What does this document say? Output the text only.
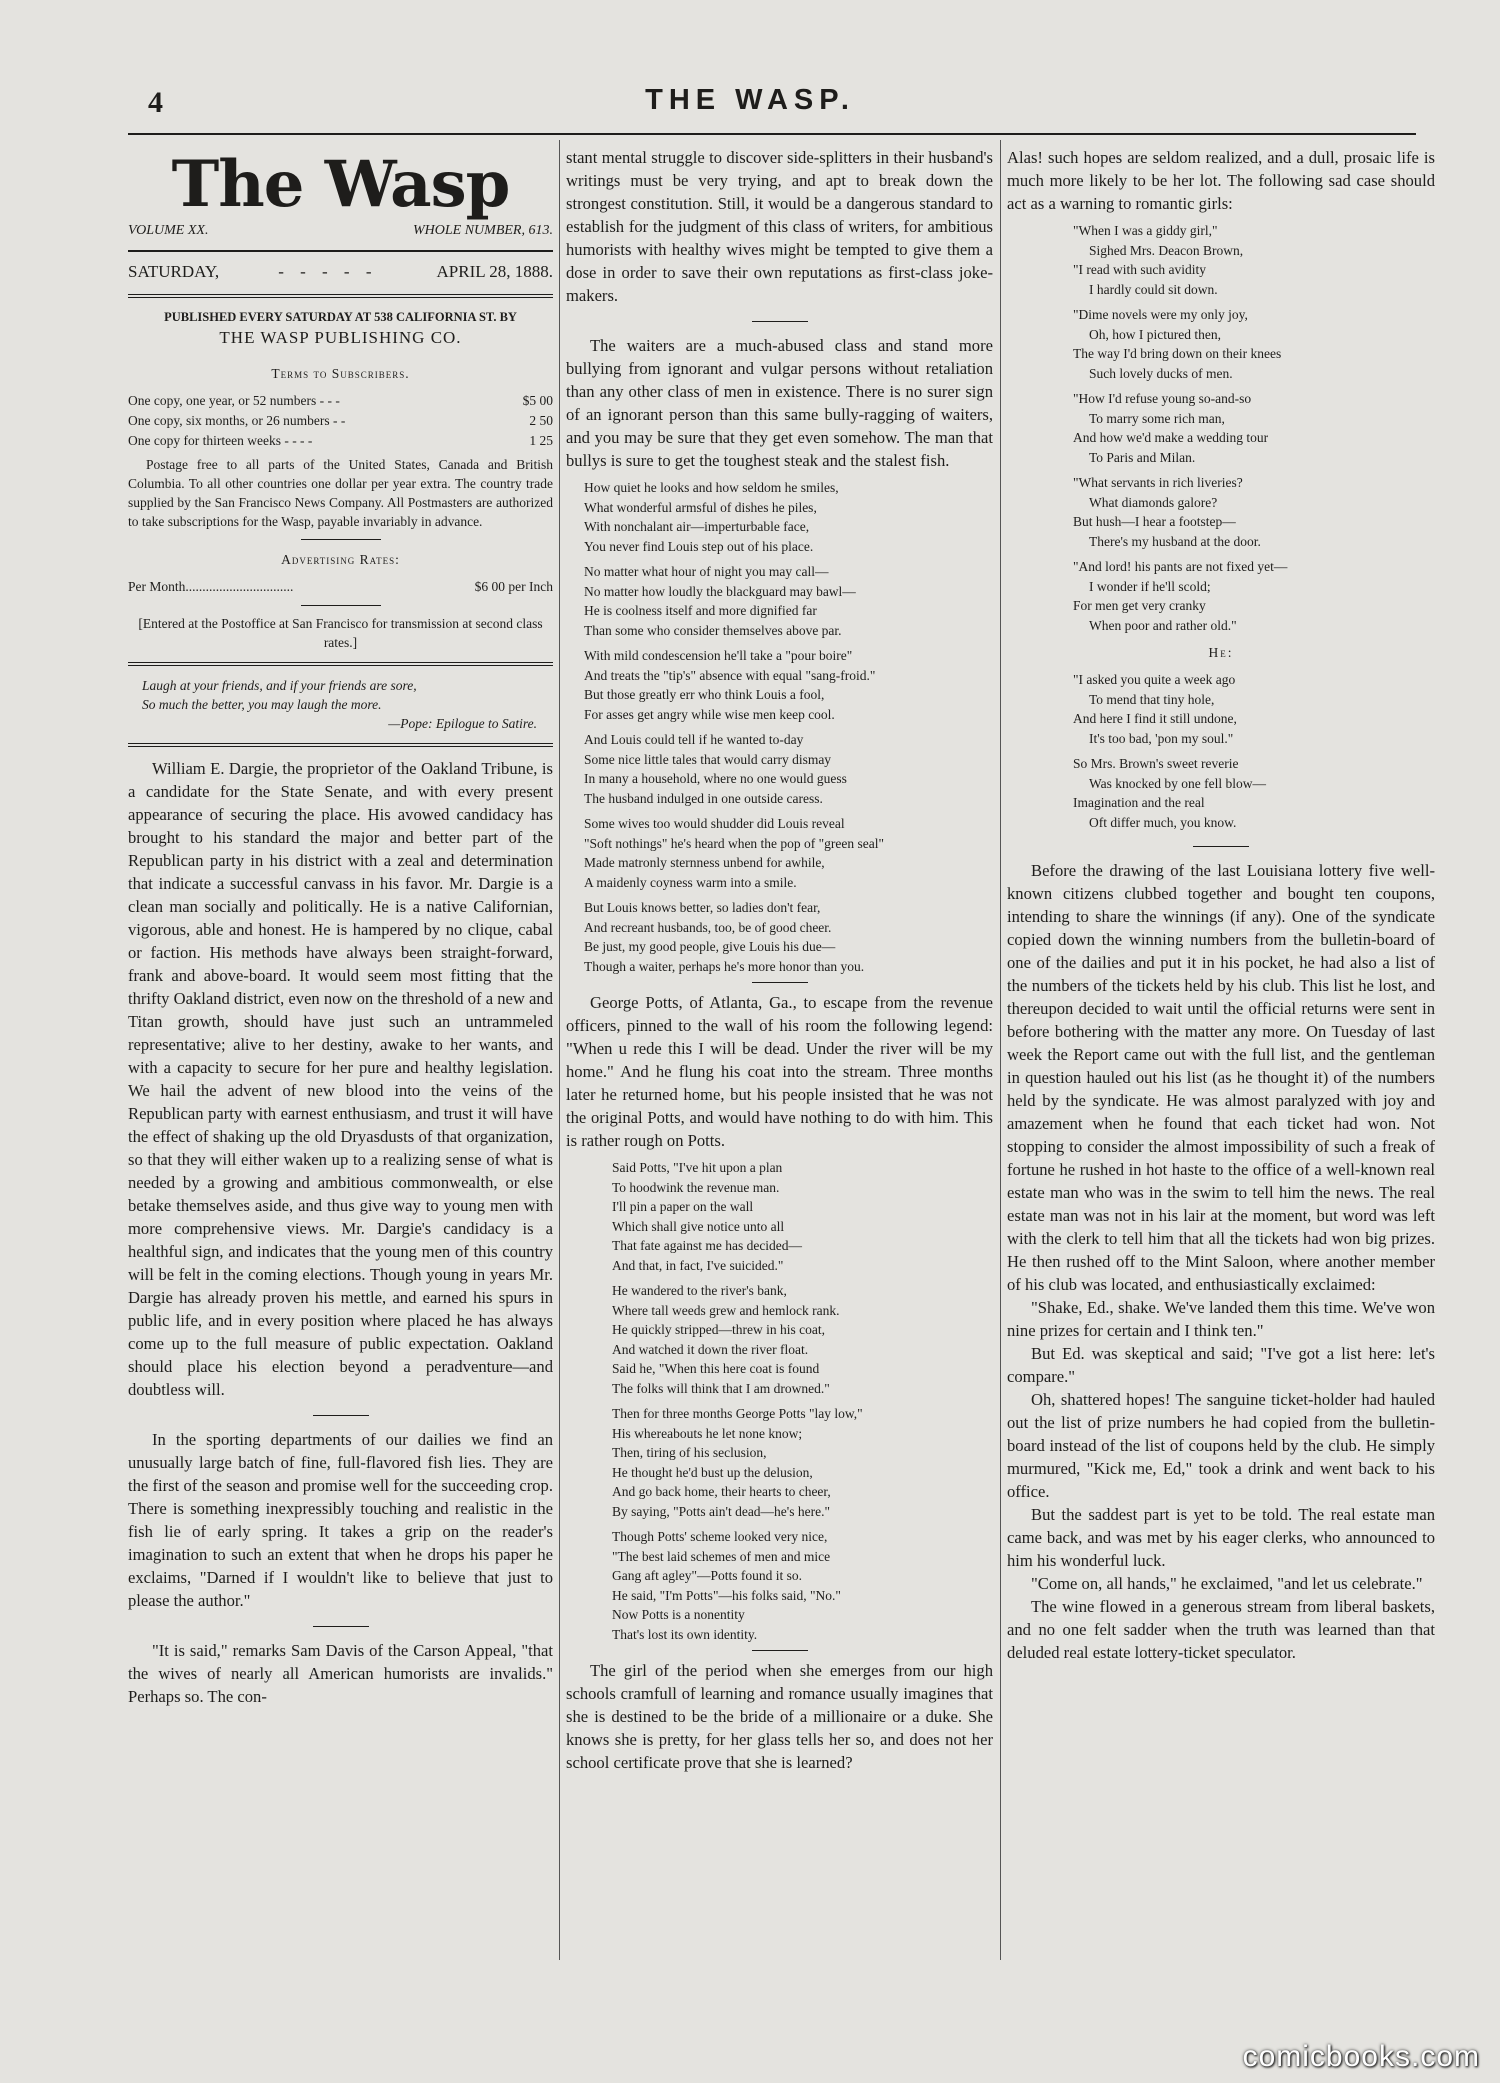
4	THE WASP.
The Wasp
VOLUME XX.	WHOLE NUMBER, 613.
SATURDAY,	- - - - -	APRIL 28, 1888.
PUBLISHED EVERY SATURDAY AT 538 CALIFORNIA ST. BY
THE WASP PUBLISHING CO.
Terms to Subscribers.
One copy, one year, or 52 numbers - - -	$5 00
One copy, six months, or 26 numbers - -	2 50
One copy for thirteen weeks - - - -	1 25
Postage free to all parts of the United States, Canada and British Columbia. To all other countries one dollar per year extra. The country trade supplied by the San Francisco News Company. All Postmasters are authorized to take subscriptions for the Wasp, payable invariably in advance.
Advertising Rates:
Per Month................................	$6 00 per Inch
[Entered at the Postoffice at San Francisco for transmission at second class rates.]
Laugh at your friends, and if your friends are sore,
So much the better, you may laugh the more.
—Pope: Epilogue to Satire.

William E. Dargie, the proprietor of the Oakland Tribune, is a candidate for the State Senate, and with every present appearance of securing the place. His avowed candidacy has brought to his standard the major and better part of the Republican party in his district with a zeal and determination that indicate a successful canvass in his favor. Mr. Dargie is a clean man socially and politically. He is a native Californian, vigorous, able and honest. He is hampered by no clique, cabal or faction. His methods have always been straight-forward, frank and above-board. It would seem most fitting that the thrifty Oakland district, even now on the threshold of a new and Titan growth, should have just such an untrammeled representative; alive to her destiny, awake to her wants, and with a capacity to secure for her pure and healthy legislation. We hail the advent of new blood into the veins of the Republican party with earnest enthusiasm, and trust it will have the effect of shaking up the old Dryasdusts of that organization, so that they will either waken up to a realizing sense of what is needed by a growing and ambitious commonwealth, or else betake themselves aside, and thus give way to young men with more comprehensive views. Mr. Dargie's candidacy is a healthful sign, and indicates that the young men of this country will be felt in the coming elections. Though young in years Mr. Dargie has already proven his mettle, and earned his spurs in public life, and in every position where placed he has always come up to the full measure of public expectation. Oakland should place his election beyond a peradventure—and doubtless will.

In the sporting departments of our dailies we find an unusually large batch of fine, full-flavored fish lies. They are the first of the season and promise well for the succeeding crop. There is something inexpressibly touching and realistic in the fish lie of early spring. It takes a grip on the reader's imagination to such an extent that when he drops his paper he exclaims, "Darned if I wouldn't like to believe that just to please the author."

"It is said," remarks Sam Davis of the Carson Appeal, "that the wives of nearly all American humorists are invalids." Perhaps so. The con-

stant mental struggle to discover side-splitters in their husband's writings must be very trying, and apt to break down the strongest constitution. Still, it would be a dangerous standard to establish for the judgment of this class of writers, for ambitious humorists with healthy wives might be tempted to give them a dose in order to save their own reputations as first-class joke-makers.

The waiters are a much-abused class and stand more bullying from ignorant and vulgar persons without retaliation than any other class of men in existence. There is no surer sign of an ignorant person than this same bully-ragging of waiters, and you may be sure that they get even somehow. The man that bullys is sure to get the toughest steak and the stalest fish.

How quiet he looks and how seldom he smiles,
What wonderful armsful of dishes he piles,
With nonchalant air—imperturbable face,
You never find Louis step out of his place.
No matter what hour of night you may call—
No matter how loudly the blackguard may bawl—
He is coolness itself and more dignified far
Than some who consider themselves above par.
With mild condescension he'll take a "pour boire"
And treats the "tip's" absence with equal "sang-froid."
But those greatly err who think Louis a fool,
For asses get angry while wise men keep cool.
And Louis could tell if he wanted to-day
Some nice little tales that would carry dismay
In many a household, where no one would guess
The husband indulged in one outside caress.
Some wives too would shudder did Louis reveal
"Soft nothings" he's heard when the pop of "green seal"
Made matronly sternness unbend for awhile,
A maidenly coyness warm into a smile.
But Louis knows better, so ladies don't fear,
And recreant husbands, too, be of good cheer.
Be just, my good people, give Louis his due—
Though a waiter, perhaps he's more honor than you.

George Potts, of Atlanta, Ga., to escape from the revenue officers, pinned to the wall of his room the following legend: "When u rede this I will be dead. Under the river will be my home." And he flung his coat into the stream. Three months later he returned home, but his people insisted that he was not the original Potts, and would have nothing to do with him. This is rather rough on Potts.

Said Potts, "I've hit upon a plan
To hoodwink the revenue man.
I'll pin a paper on the wall
Which shall give notice unto all
That fate against me has decided—
And that, in fact, I've suicided."
He wandered to the river's bank,
Where tall weeds grew and hemlock rank.
He quickly stripped—threw in his coat,
And watched it down the river float.
Said he, "When this here coat is found
The folks will think that I am drowned."
Then for three months George Potts "lay low,"
His whereabouts he let none know;
Then, tiring of his seclusion,
He thought he'd bust up the delusion,
And go back home, their hearts to cheer,
By saying, "Potts ain't dead—he's here."
Though Potts' scheme looked very nice,
"The best laid schemes of men and mice
Gang aft agley"—Potts found it so.
He said, "I'm Potts"—his folks said, "No."
Now Potts is a nonentity
That's lost its own identity.

The girl of the period when she emerges from our high schools cramfull of learning and romance usually imagines that she is destined to be the bride of a millionaire or a duke. She knows she is pretty, for her glass tells her so, and does not her school certificate prove that she is learned?

Alas! such hopes are seldom realized, and a dull, prosaic life is much more likely to be her lot. The following sad case should act as a warning to romantic girls:

"When I was a giddy girl,"
Sighed Mrs. Deacon Brown,
"I read with such avidity
I hardly could sit down.
"Dime novels were my only joy,
Oh, how I pictured then,
The way I'd bring down on their knees
Such lovely ducks of men.
"How I'd refuse young so-and-so
To marry some rich man,
And how we'd make a wedding tour
To Paris and Milan.
"What servants in rich liveries?
What diamonds galore?
But hush—I hear a footstep—
There's my husband at the door.
"And lord! his pants are not fixed yet—
I wonder if he'll scold;
For men get very cranky
When poor and rather old."
He:
"I asked you quite a week ago
To mend that tiny hole,
And here I find it still undone,
It's too bad, 'pon my soul."
So Mrs. Brown's sweet reverie
Was knocked by one fell blow—
Imagination and the real
Oft differ much, you know.

Before the drawing of the last Louisiana lottery five well-known citizens clubbed together and bought ten coupons, intending to share the winnings (if any). One of the syndicate copied down the winning numbers from the bulletin-board of one of the dailies and put it in his pocket, he had also a list of the numbers of the tickets held by his club. This list he lost, and thereupon decided to wait until the official returns were sent in before bothering with the matter any more. On Tuesday of last week the Report came out with the full list, and the gentleman in question hauled out his list (as he thought it) of the numbers held by the syndicate. He was almost paralyzed with joy and amazement when he found that each ticket had won. Not stopping to consider the almost impossibility of such a freak of fortune he rushed in hot haste to the office of a well-known real estate man who was in the swim to tell him the news. The real estate man was not in his lair at the moment, but word was left with the clerk to tell him that all the tickets had won big prizes. He then rushed off to the Mint Saloon, where another member of his club was located, and enthusiastically exclaimed:

"Shake, Ed., shake. We've landed them this time. We've won nine prizes for certain and I think ten."

But Ed. was skeptical and said; "I've got a list here: let's compare."

Oh, shattered hopes! The sanguine ticket-holder had hauled out the list of prize numbers he had copied from the bulletin-board instead of the list of coupons held by the club. He simply murmured, "Kick me, Ed," took a drink and went back to his office.

But the saddest part is yet to be told. The real estate man came back, and was met by his eager clerks, who announced to him his wonderful luck.

"Come on, all hands," he exclaimed, "and let us celebrate."

The wine flowed in a generous stream from liberal baskets, and no one felt sadder when the truth was learned than that deluded real estate lottery-ticket speculator.

comicbooks.com
